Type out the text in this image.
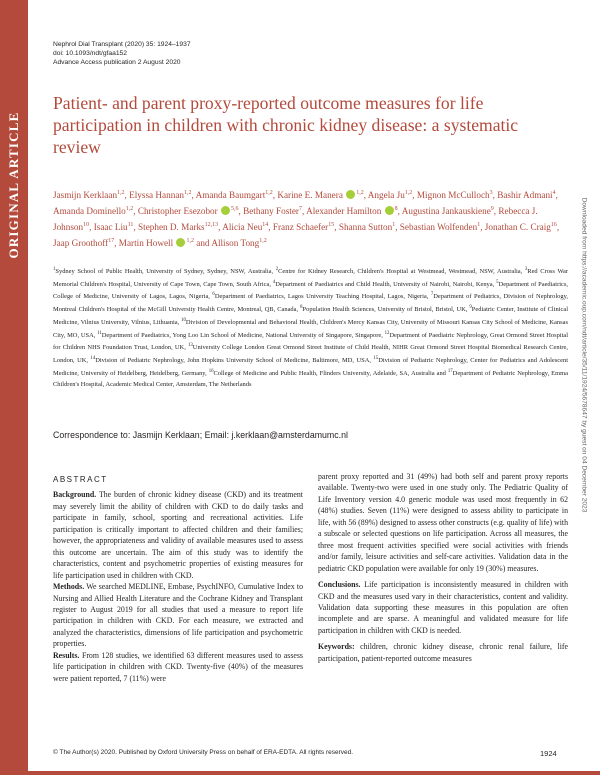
ORIGINAL ARTICLE
Downloaded from https://academic.oup.com/ndt/article/35/11/1924/5678647 by guest on 04 December 2023
Nephrol Dial Transplant (2020) 35: 1924–1937
doi: 10.1093/ndt/gfaa152
Advance Access publication 2 August 2020
Patient- and parent proxy-reported outcome measures for life participation in children with chronic kidney disease: a systematic review
Jasmijn Kerklaan$^{1,2}$, Elyssa Hannan$^{1,2}$, Amanda Baumgart$^{1,2}$, Karine E. Manera $^{1,2}$, Angela Ju$^{1,2}$, Mignon McCulloch$^3$, Bashir Admani$^4$, Amanda Dominello$^{1,2}$, Christopher Esezobor $^{5,6}$, Bethany Foster$^7$, Alexander Hamilton $^8$, Augustina Jankauskiene$^9$, Rebecca J. Johnson$^{10}$, Isaac Liu$^{11}$, Stephen D. Marks$^{12,13}$, Alicia Neu$^{14}$, Franz Schaefer$^{15}$, Shanna Sutton$^1$, Sebastian Wolfenden$^1$, Jonathan C. Craig$^{16}$, Jaap Groothoff$^{17}$, Martin Howell $^{1,2}$ and Allison Tong$^{1,2}$
$^1$Sydney School of Public Health, University of Sydney, Sydney, NSW, Australia, $^2$Centre for Kidney Research, Children's Hospital at Westmead, Westmead, NSW, Australia, $^3$Red Cross War Memorial Children's Hospital, University of Cape Town, Cape Town, South Africa, $^4$Department of Paediatrics and Child Health, University of Nairobi, Nairobi, Kenya, $^5$Department of Paediatrics, College of Medicine, University of Lagos, Lagos, Nigeria, $^6$Department of Paediatrics, Lagos University Teaching Hospital, Lagos, Nigeria, $^7$Department of Pediatrics, Division of Nephrology, Montreal Children's Hospital of the McGill University Health Centre, Montreal, QB, Canada, $^8$Population Health Sciences, University of Bristol, Bristol, UK, $^9$Pediatric Center, Institute of Clinical Medicine, Vilnius University, Vilnius, Lithuania, $^{10}$Division of Developmental and Behavioral Health, Children's Mercy Kansas City, University of Missouri Kansas City School of Medicine, Kansas City, MO, USA, $^{11}$Department of Paediatrics, Yong Loo Lin School of Medicine, National University of Singapore, Singapore, $^{12}$Department of Paediatric Nephrology, Great Ormond Street Hospital for Children NHS Foundation Trust, London, UK, $^{13}$University College London Great Ormond Street Institute of Child Health, NIHR Great Ormond Street Hospital Biomedical Research Centre, London, UK, $^{14}$Division of Pediatric Nephrology, John Hopkins University School of Medicine, Baltimore, MD, USA, $^{15}$Division of Pediatric Nephrology, Center for Pediatrics and Adolescent Medicine, University of Heidelberg, Heidelberg, Germany, $^{16}$College of Medicine and Public Health, Flinders University, Adelaide, SA, Australia and $^{17}$Department of Pediatric Nephrology, Emma Children's Hospital, Academic Medical Center, Amsterdam, The Netherlands
Correspondence to: Jasmijn Kerklaan; Email: j.kerklaan@amsterdamumc.nl

ABSTRACT

Background. The burden of chronic kidney disease (CKD) and its treatment may severely limit the ability of children with CKD to do daily tasks and participate in family, school, sporting and recreational activities. Life participation is critically important to affected children and their families; however, the appropriateness and validity of available measures used to assess this outcome are uncertain. The aim of this study was to identify the characteristics, content and psychometric properties of existing measures for life participation used in children with CKD.

Methods. We searched MEDLINE, Embase, PsychINFO, Cumulative Index to Nursing and Allied Health Literature and the Cochrane Kidney and Transplant register to August 2019 for all studies that used a measure to report life participation in children with CKD. For each measure, we extracted and analyzed the characteristics, dimensions of life participation and psychometric properties.

Results. From 128 studies, we identified 63 different measures used to assess life participation in children with CKD. Twenty-five (40%) of the measures were patient reported, 7 (11%) were

parent proxy reported and 31 (49%) had both self and parent proxy reports available. Twenty-two were used in one study only. The Pediatric Quality of Life Inventory version 4.0 generic module was used most frequently in 62 (48%) studies. Seven (11%) were designed to assess ability to participate in life, with 56 (89%) designed to assess other constructs (e.g. quality of life) with a subscale or selected questions on life participation. Across all measures, the three most frequent activities specified were social activities with friends and/or family, leisure activities and self-care activities. Validation data in the pediatric CKD population were available for only 19 (30%) measures.

Conclusions. Life participation is inconsistently measured in children with CKD and the measures used vary in their characteristics, content and validity. Validation data supporting these measures in this population are often incomplete and are sparse. A meaningful and validated measure for life participation in children with CKD is needed.

Keywords: children, chronic kidney disease, chronic renal failure, life participation, patient-reported outcome measures

© The Author(s) 2020. Published by Oxford University Press on behalf of ERA-EDTA. All rights reserved.	1924
